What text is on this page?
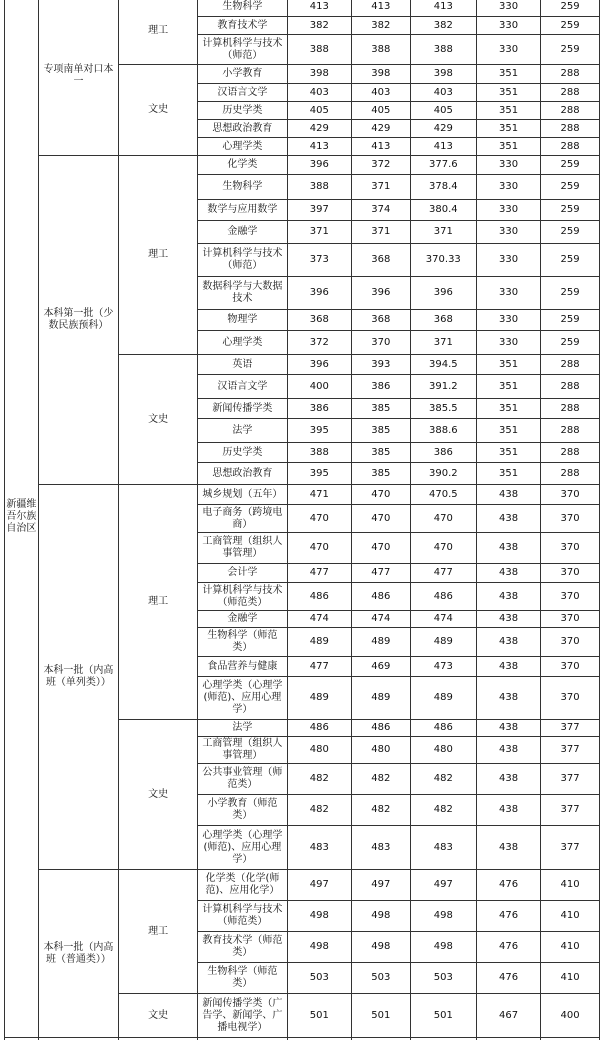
新疆维吾尔族自治区	专项南单对口本一	理工	生物科学	413	413	413	330	259
			教育技术学	382	382	382	330	259
			计算机科学与技术（师范）	388	388	388	330	259
		文史	小学教育	398	398	398	351	288
			汉语言文学	403	403	403	351	288
			历史学类	405	405	405	351	288
			思想政治教育	429	429	429	351	288
			心理学类	413	413	413	351	288
	本科第一批（少数民族预科）	理工	化学类	396	372	377.6	330	259
			生物科学	388	371	378.4	330	259
			数学与应用数学	397	374	380.4	330	259
			金融学	371	371	371	330	259
			计算机科学与技术（师范）	373	368	370.33	330	259
			数据科学与大数据技术	396	396	396	330	259
			物理学	368	368	368	330	259
			心理学类	372	370	371	330	259
		文史	英语	396	393	394.5	351	288
			汉语言文学	400	386	391.2	351	288
			新闻传播学类	386	385	385.5	351	288
			法学	395	385	388.6	351	288
			历史学类	388	385	386	351	288
			思想政治教育	395	385	390.2	351	288
	本科一批（内高班（单列类））	理工	城乡规划（五年）	471	470	470.5	438	370
			电子商务（跨境电商）	470	470	470	438	370
			工商管理（组织人事管理）	470	470	470	438	370
			会计学	477	477	477	438	370
			计算机科学与技术（师范类）	486	486	486	438	370
			金融学	474	474	474	438	370
			生物科学（师范类）	489	489	489	438	370
			食品营养与健康	477	469	473	438	370
			心理学类（心理学(师范)、应用心理学）	489	489	489	438	370
		文史	法学	486	486	486	438	377
			工商管理（组织人事管理）	480	480	480	438	377
			公共事业管理（师范类）	482	482	482	438	377
			小学教育（师范类）	482	482	482	438	377
			心理学类（心理学(师范)、应用心理学）	483	483	483	438	377
	本科一批（内高班（普通类））	理工	化学类（化学(师范)、应用化学）	497	497	497	476	410
			计算机科学与技术（师范类）	498	498	498	476	410
			教育技术学（师范类）	498	498	498	476	410
			生物科学（师范类）	503	503	503	476	410
		文史	新闻传播学类（广告学、新闻学、广播电视学）	501	501	501	467	400
